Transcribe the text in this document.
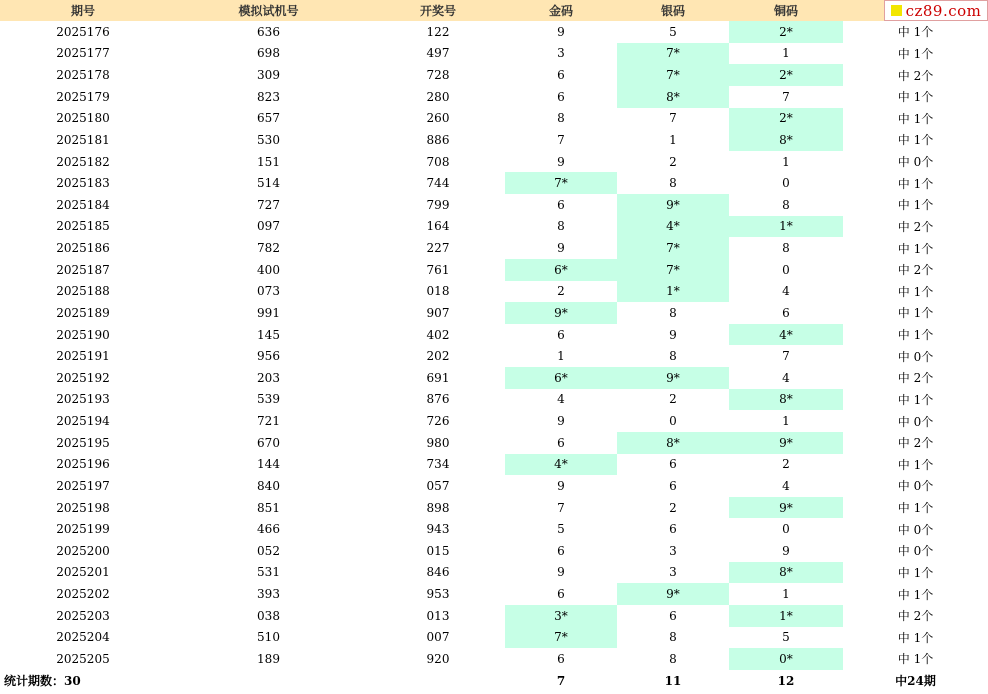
期号	模拟试机号	开奖号	金码	银码	铜码	
2025176	636	122	9	5	2*	中 1个
2025177	698	497	3	7*	1	中 1个
2025178	309	728	6	7*	2*	中 2个
2025179	823	280	6	8*	7	中 1个
2025180	657	260	8	7	2*	中 1个
2025181	530	886	7	1	8*	中 1个
2025182	151	708	9	2	1	中 0个
2025183	514	744	7*	8	0	中 1个
2025184	727	799	6	9*	8	中 1个
2025185	097	164	8	4*	1*	中 2个
2025186	782	227	9	7*	8	中 1个
2025187	400	761	6*	7*	0	中 2个
2025188	073	018	2	1*	4	中 1个
2025189	991	907	9*	8	6	中 1个
2025190	145	402	6	9	4*	中 1个
2025191	956	202	1	8	7	中 0个
2025192	203	691	6*	9*	4	中 2个
2025193	539	876	4	2	8*	中 1个
2025194	721	726	9	0	1	中 0个
2025195	670	980	6	8*	9*	中 2个
2025196	144	734	4*	6	2	中 1个
2025197	840	057	9	6	4	中 0个
2025198	851	898	7	2	9*	中 1个
2025199	466	943	5	6	0	中 0个
2025200	052	015	6	3	9	中 0个
2025201	531	846	9	3	8*	中 1个
2025202	393	953	6	9*	1	中 1个
2025203	038	013	3*	6	1*	中 2个
2025204	510	007	7*	8	5	中 1个
2025205	189	920	6	8	0*	中 1个
统计期数：30			7	11	12	中24期
cz89.com
